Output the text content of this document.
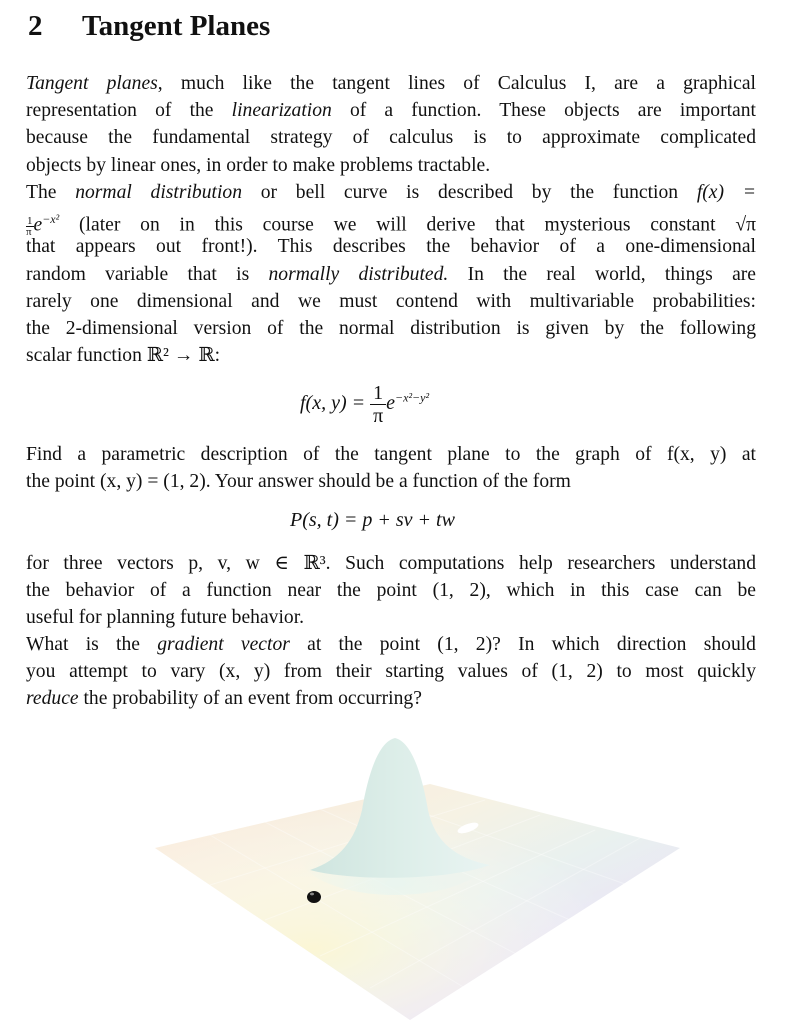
2 Tangent Planes
Tangent planes, much like the tangent lines of Calculus I, are a graphical
representation of the linearization of a function. These objects are important
because the fundamental strategy of calculus is to approximate complicated
objects by linear ones, in order to make problems tractable.
The normal distribution or bell curve is described by the function f(x) =
$\frac{1}{\pi} e^{-x^2}$ (later on in this course we will derive that mysterious constant √π
that appears out front!). This describes the behavior of a one-dimensional
random variable that is normally distributed. In the real world, things are
rarely one dimensional and we must contend with multivariable probabilities:
the 2-dimensional version of the normal distribution is given by the following
scalar function ℝ² → ℝ:
f(x, $y) = \frac{1}{\pi} e^{-x^2-y^2}$
Find a parametric description of the tangent plane to the graph of f(x, y) at
the point (x, y) = (1, 2). Your answer should be a function of the form
P(s, t) = p + sv + tw
for three vectors p, v, w ∈ ℝ³. Such computations help researchers understand
the behavior of a function near the point (1, 2), which in this case can be
useful for planning future behavior.
What is the gradient vector at the point (1, 2)? In which direction should
you attempt to vary (x, y) from their starting values of (1, 2) to most quickly
reduce the probability of an event from occurring?
